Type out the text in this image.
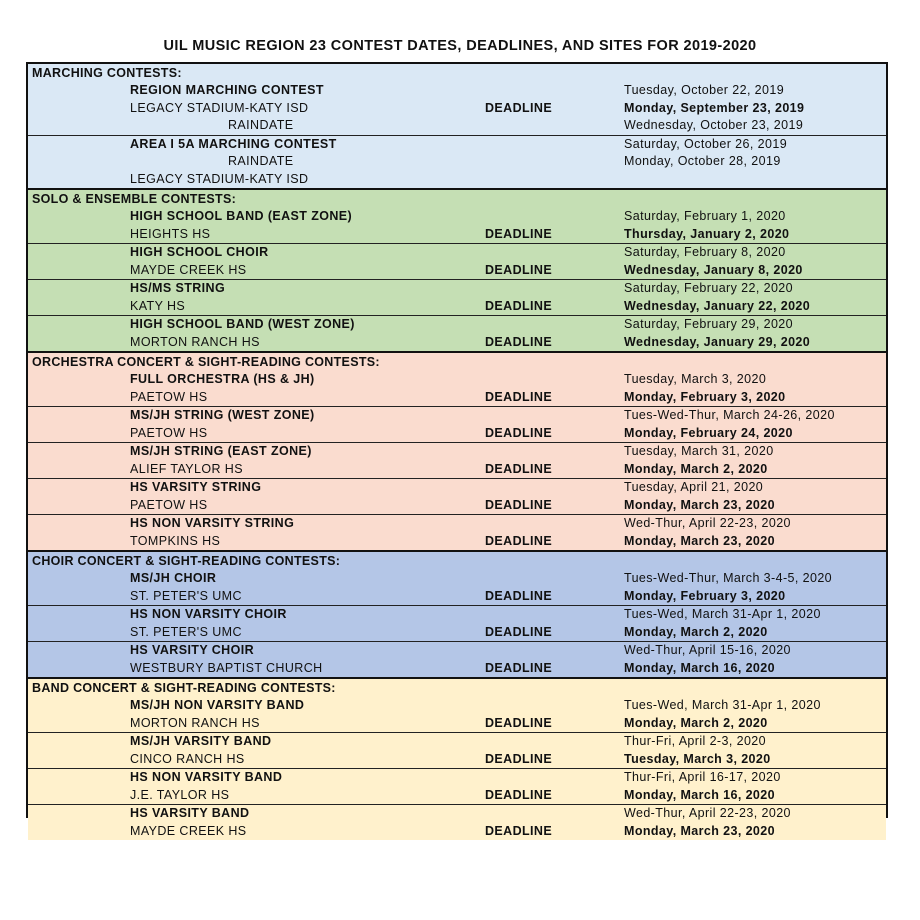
UIL MUSIC REGION 23 CONTEST DATES, DEADLINES, AND SITES FOR 2019-2020
MARCHING CONTESTS:
REGION MARCHING CONTEST	Tuesday, October 22, 2019
LEGACY STADIUM-KATY ISD	DEADLINE	Monday, September 23, 2019
RAINDATE	Wednesday, October 23, 2019
AREA I 5A MARCHING CONTEST	Saturday, October 26, 2019
RAINDATE	Monday, October 28, 2019
LEGACY STADIUM-KATY ISD
SOLO & ENSEMBLE CONTESTS:
HIGH SCHOOL BAND (EAST ZONE)	Saturday, February 1, 2020
HEIGHTS HS	DEADLINE	Thursday, January 2, 2020
HIGH SCHOOL CHOIR	Saturday, February 8, 2020
MAYDE CREEK HS	DEADLINE	Wednesday, January 8, 2020
HS/MS STRING	Saturday, February 22, 2020
KATY HS	DEADLINE	Wednesday, January 22, 2020
HIGH SCHOOL BAND (WEST ZONE)	Saturday, February 29, 2020
MORTON RANCH HS	DEADLINE	Wednesday, January 29, 2020
ORCHESTRA CONCERT & SIGHT-READING CONTESTS:
FULL ORCHESTRA (HS & JH)	Tuesday, March 3, 2020
PAETOW HS	DEADLINE	Monday, February 3, 2020
MS/JH STRING (WEST ZONE)	Tues-Wed-Thur, March 24-26, 2020
PAETOW HS	DEADLINE	Monday, February 24, 2020
MS/JH STRING (EAST ZONE)	Tuesday, March 31, 2020
ALIEF TAYLOR HS	DEADLINE	Monday, March 2, 2020
HS VARSITY STRING	Tuesday, April 21, 2020
PAETOW HS	DEADLINE	Monday, March 23, 2020
HS NON VARSITY STRING	Wed-Thur, April 22-23, 2020
TOMPKINS HS	DEADLINE	Monday, March 23, 2020
CHOIR CONCERT & SIGHT-READING CONTESTS:
MS/JH CHOIR	Tues-Wed-Thur, March 3-4-5, 2020
ST. PETER'S UMC	DEADLINE	Monday, February 3, 2020
HS NON VARSITY CHOIR	Tues-Wed, March 31-Apr 1, 2020
ST. PETER'S UMC	DEADLINE	Monday, March 2, 2020
HS VARSITY CHOIR	Wed-Thur, April 15-16, 2020
WESTBURY BAPTIST CHURCH	DEADLINE	Monday, March 16, 2020
BAND CONCERT & SIGHT-READING CONTESTS:
MS/JH NON VARSITY BAND	Tues-Wed, March 31-Apr 1, 2020
MORTON RANCH HS	DEADLINE	Monday, March 2, 2020
MS/JH VARSITY BAND	Thur-Fri, April 2-3, 2020
CINCO RANCH HS	DEADLINE	Tuesday, March 3, 2020
HS NON VARSITY BAND	Thur-Fri, April 16-17, 2020
J.E. TAYLOR HS	DEADLINE	Monday, March 16, 2020
HS VARSITY BAND	Wed-Thur, April 22-23, 2020
MAYDE CREEK HS	DEADLINE	Monday, March 23, 2020
